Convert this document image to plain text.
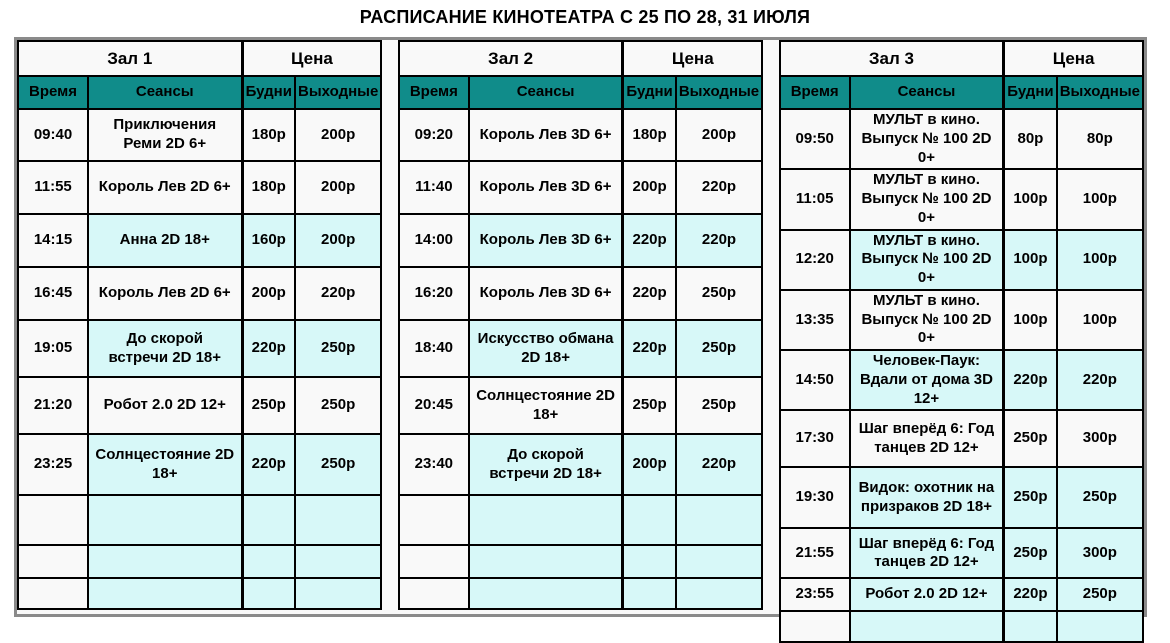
РАСПИСАНИЕ КИНОТЕАТРА С 25 ПО 28, 31 ИЮЛЯ
Зал 1		Цена	
Время	Сеансы	Будни	Выходные
09:40	Приключения Реми 2D 6+	180р	200р
11:55	Король Лев 2D 6+	180р	200р
14:15	Анна 2D 18+	160р	200р
16:45	Король Лев 2D 6+	200р	220р
19:05	До скорой встречи 2D 18+	220р	250р
21:20	Робот 2.0 2D 12+	250р	250р
23:25	Солнцестояние 2D 18+	220р	250р

Зал 2		Цена	
Время	Сеансы	Будни	Выходные
09:20	Король Лев 3D 6+	180р	200р
11:40	Король Лев 3D 6+	200р	220р
14:00	Король Лев 3D 6+	220р	220р
16:20	Король Лев 3D 6+	220р	250р
18:40	Искусство обмана 2D 18+	220р	250р
20:45	Солнцестояние 2D 18+	250р	250р
23:40	До скорой встречи 2D 18+	200р	220р

Зал 3		Цена	
Время	Сеансы	Будни	Выходные
09:50	МУЛЬТ в кино. Выпуск № 100 2D 0+	80р	80р
11:05	МУЛЬТ в кино. Выпуск № 100 2D 0+	100р	100р
12:20	МУЛЬТ в кино. Выпуск № 100 2D 0+	100р	100р
13:35	МУЛЬТ в кино. Выпуск № 100 2D 0+	100р	100р
14:50	Человек-Паук: Вдали от дома 3D 12+	220р	220р
17:30	Шаг вперёд 6: Год танцев 2D 12+	250р	300р
19:30	Видок: охотник на призраков 2D 18+	250р	250р
21:55	Шаг вперёд 6: Год танцев 2D 12+	250р	300р
23:55	Робот 2.0 2D 12+	220р	250р
